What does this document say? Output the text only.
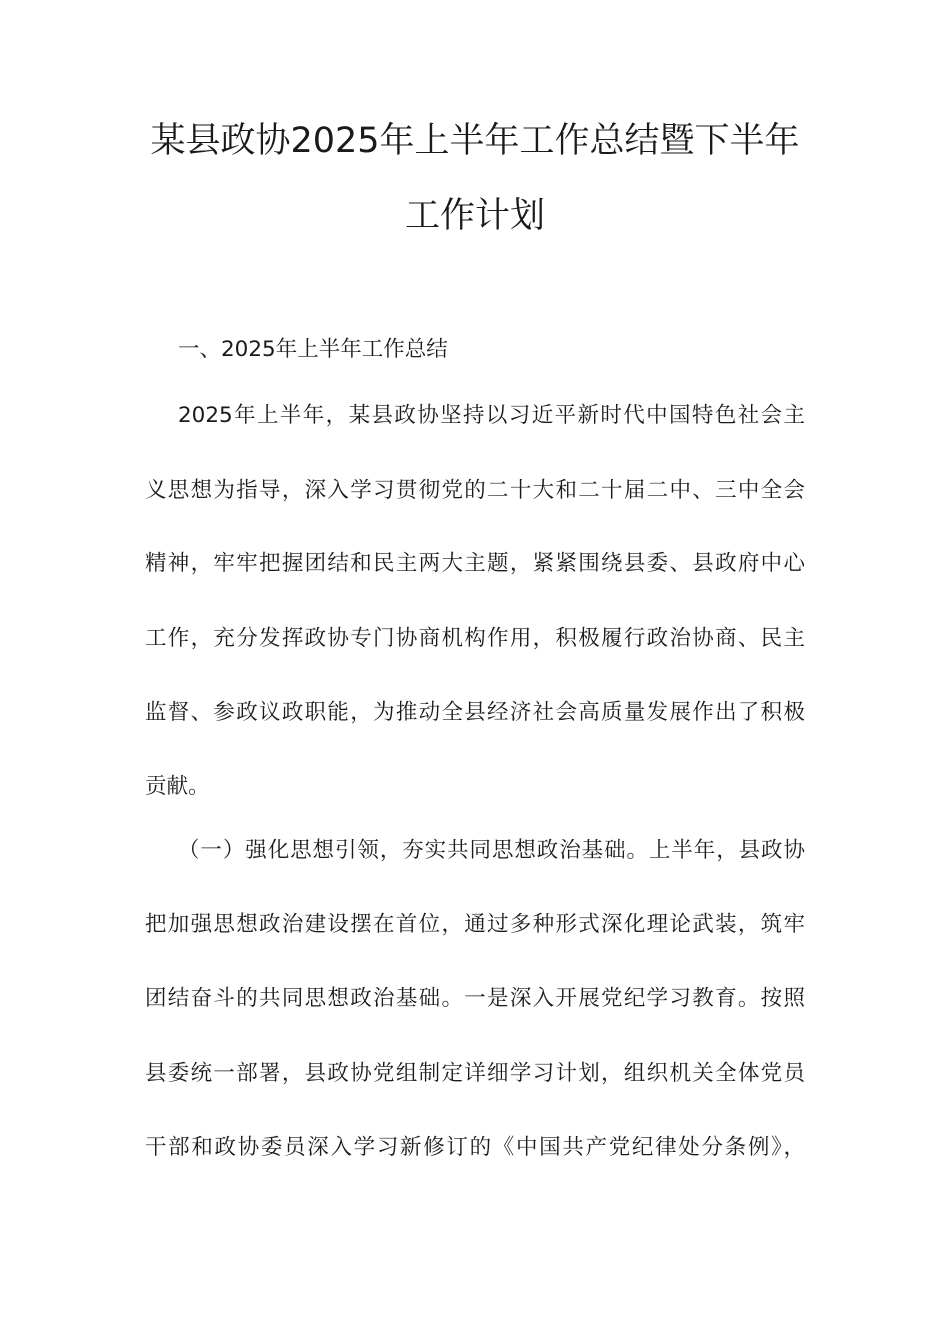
某县政协2025年上半年工作总结暨下半年
工作计划
一、2025年上半年工作总结
2025年上半年，某县政协坚持以习近平新时代中国特色社会主
义思想为指导，深入学习贯彻党的二十大和二十届二中、三中全会
精神，牢牢把握团结和民主两大主题，紧紧围绕县委、县政府中心
工作，充分发挥政协专门协商机构作用，积极履行政治协商、民主
监督、参政议政职能，为推动全县经济社会高质量发展作出了积极
贡献。
（一）强化思想引领，夯实共同思想政治基础。上半年，县政协
把加强思想政治建设摆在首位，通过多种形式深化理论武装，筑牢
团结奋斗的共同思想政治基础。一是深入开展党纪学习教育。按照
县委统一部署，县政协党组制定详细学习计划，组织机关全体党员
干部和政协委员深入学习新修订的《中国共产党纪律处分条例》，
